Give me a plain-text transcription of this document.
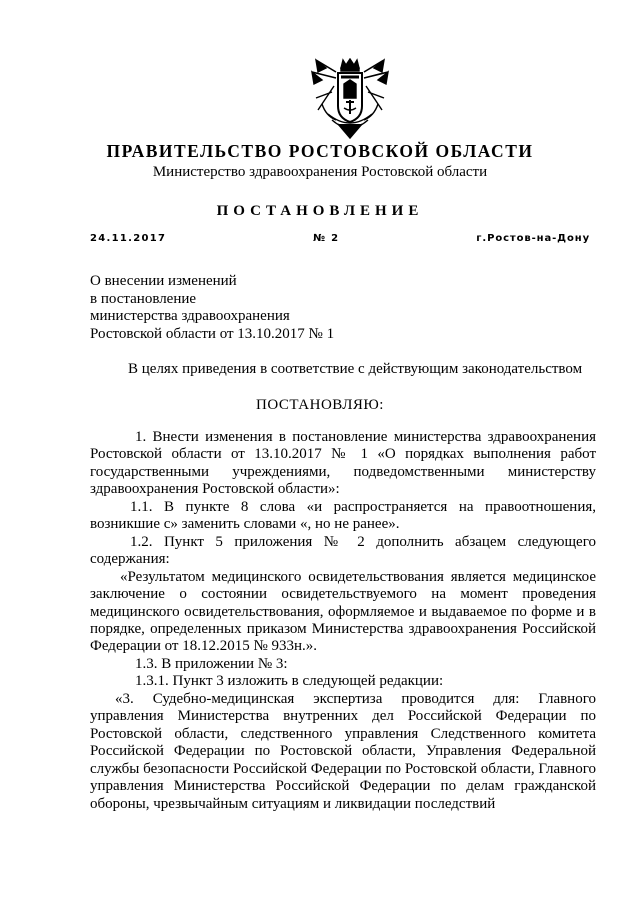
ПРАВИТЕЛЬСТВО РОСТОВСКОЙ ОБЛАСТИ
Министерство здравоохранения Ростовской области
ПОСТАНОВЛЕНИЕ
24.11.2017	№ 2	г.Ростов-на-Дону
О внесении изменений
в постановление
министерства здравоохранения
Ростовской области от 13.10.2017 № 1
В целях приведения в соответствие с действующим законодательством
ПОСТАНОВЛЯЮ:

1. Внести изменения в постановление министерства здравоохранения Ростовской области от 13.10.2017 № 1 «О порядках выполнения работ государственными учреждениями, подведомственными министерству здравоохранения Ростовской области»:

1.1. В пункте 8 слова «и распространяется на правоотношения, возникшие с» заменить словами «, но не ранее».

1.2. Пункт 5 приложения № 2 дополнить абзацем следующего содержания:

«Результатом медицинского освидетельствования является медицинское заключение о состоянии освидетельствуемого на момент проведения медицинского освидетельствования, оформляемое и выдаваемое по форме и в порядке, определенных приказом Министерства здравоохранения Российской Федерации от 18.12.2015 № 933н.».

1.3. В приложении № 3:

1.3.1. Пункт 3 изложить в следующей редакции:

«3. Судебно-медицинская экспертиза проводится для: Главного управления Министерства внутренних дел Российской Федерации по Ростовской области, следственного управления Следственного комитета Российской Федерации по Ростовской области, Управления Федеральной службы безопасности Российской Федерации по Ростовской области, Главного управления Министерства Российской Федерации по делам гражданской обороны, чрезвычайным ситуациям и ликвидации последствий
